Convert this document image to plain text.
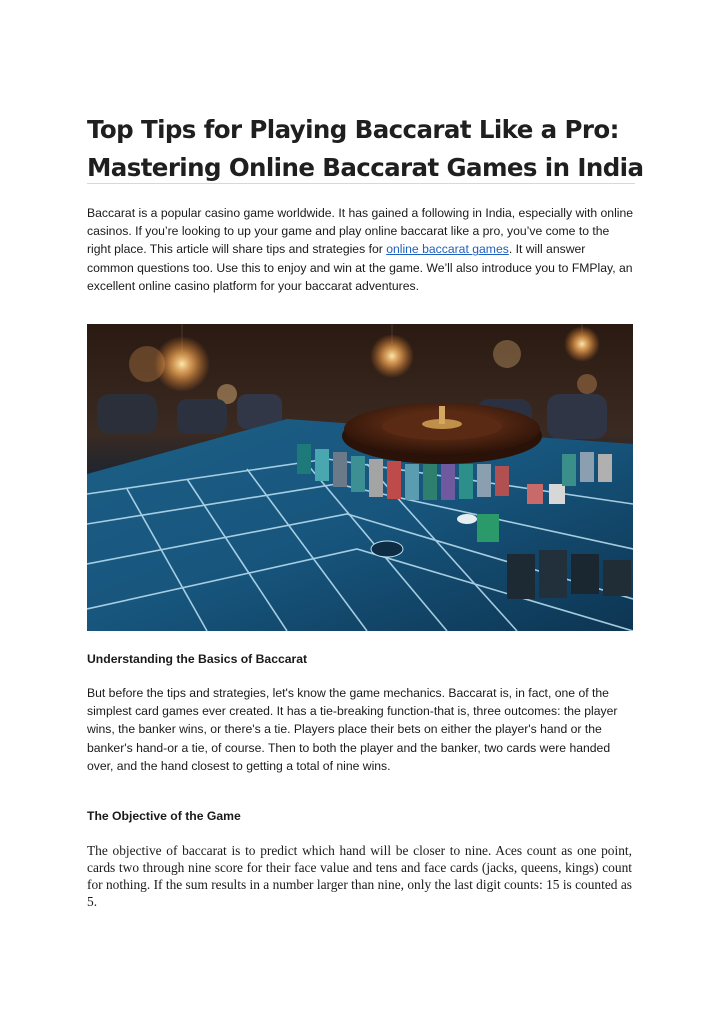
Top Tips for Playing Baccarat Like a Pro:
Mastering Online Baccarat Games in India
Baccarat is a popular casino game worldwide. It has gained a following in India, especially with online casinos. If you’re looking to up your game and play online baccarat like a pro, you’ve come to the right place. This article will share tips and strategies for online baccarat games. It will answer common questions too. Use this to enjoy and win at the game. We’ll also introduce you to FMPlay, an excellent online casino platform for your baccarat adventures.
Understanding the Basics of Baccarat
But before the tips and strategies, let's know the game mechanics. Baccarat is, in fact, one of the simplest card games ever created. It has a tie-breaking function-that is, three outcomes: the player wins, the banker wins, or there's a tie. Players place their bets on either the player's hand or the banker's hand-or a tie, of course. Then to both the player and the banker, two cards were handed over, and the hand closest to getting a total of nine wins.
The Objective of the Game
The objective of baccarat is to predict which hand will be closer to nine. Aces count as one point, cards two through nine score for their face value and tens and face cards (jacks, queens, kings) count for nothing. If the sum results in a number larger than nine, only the last digit counts: 15 is counted as 5.
